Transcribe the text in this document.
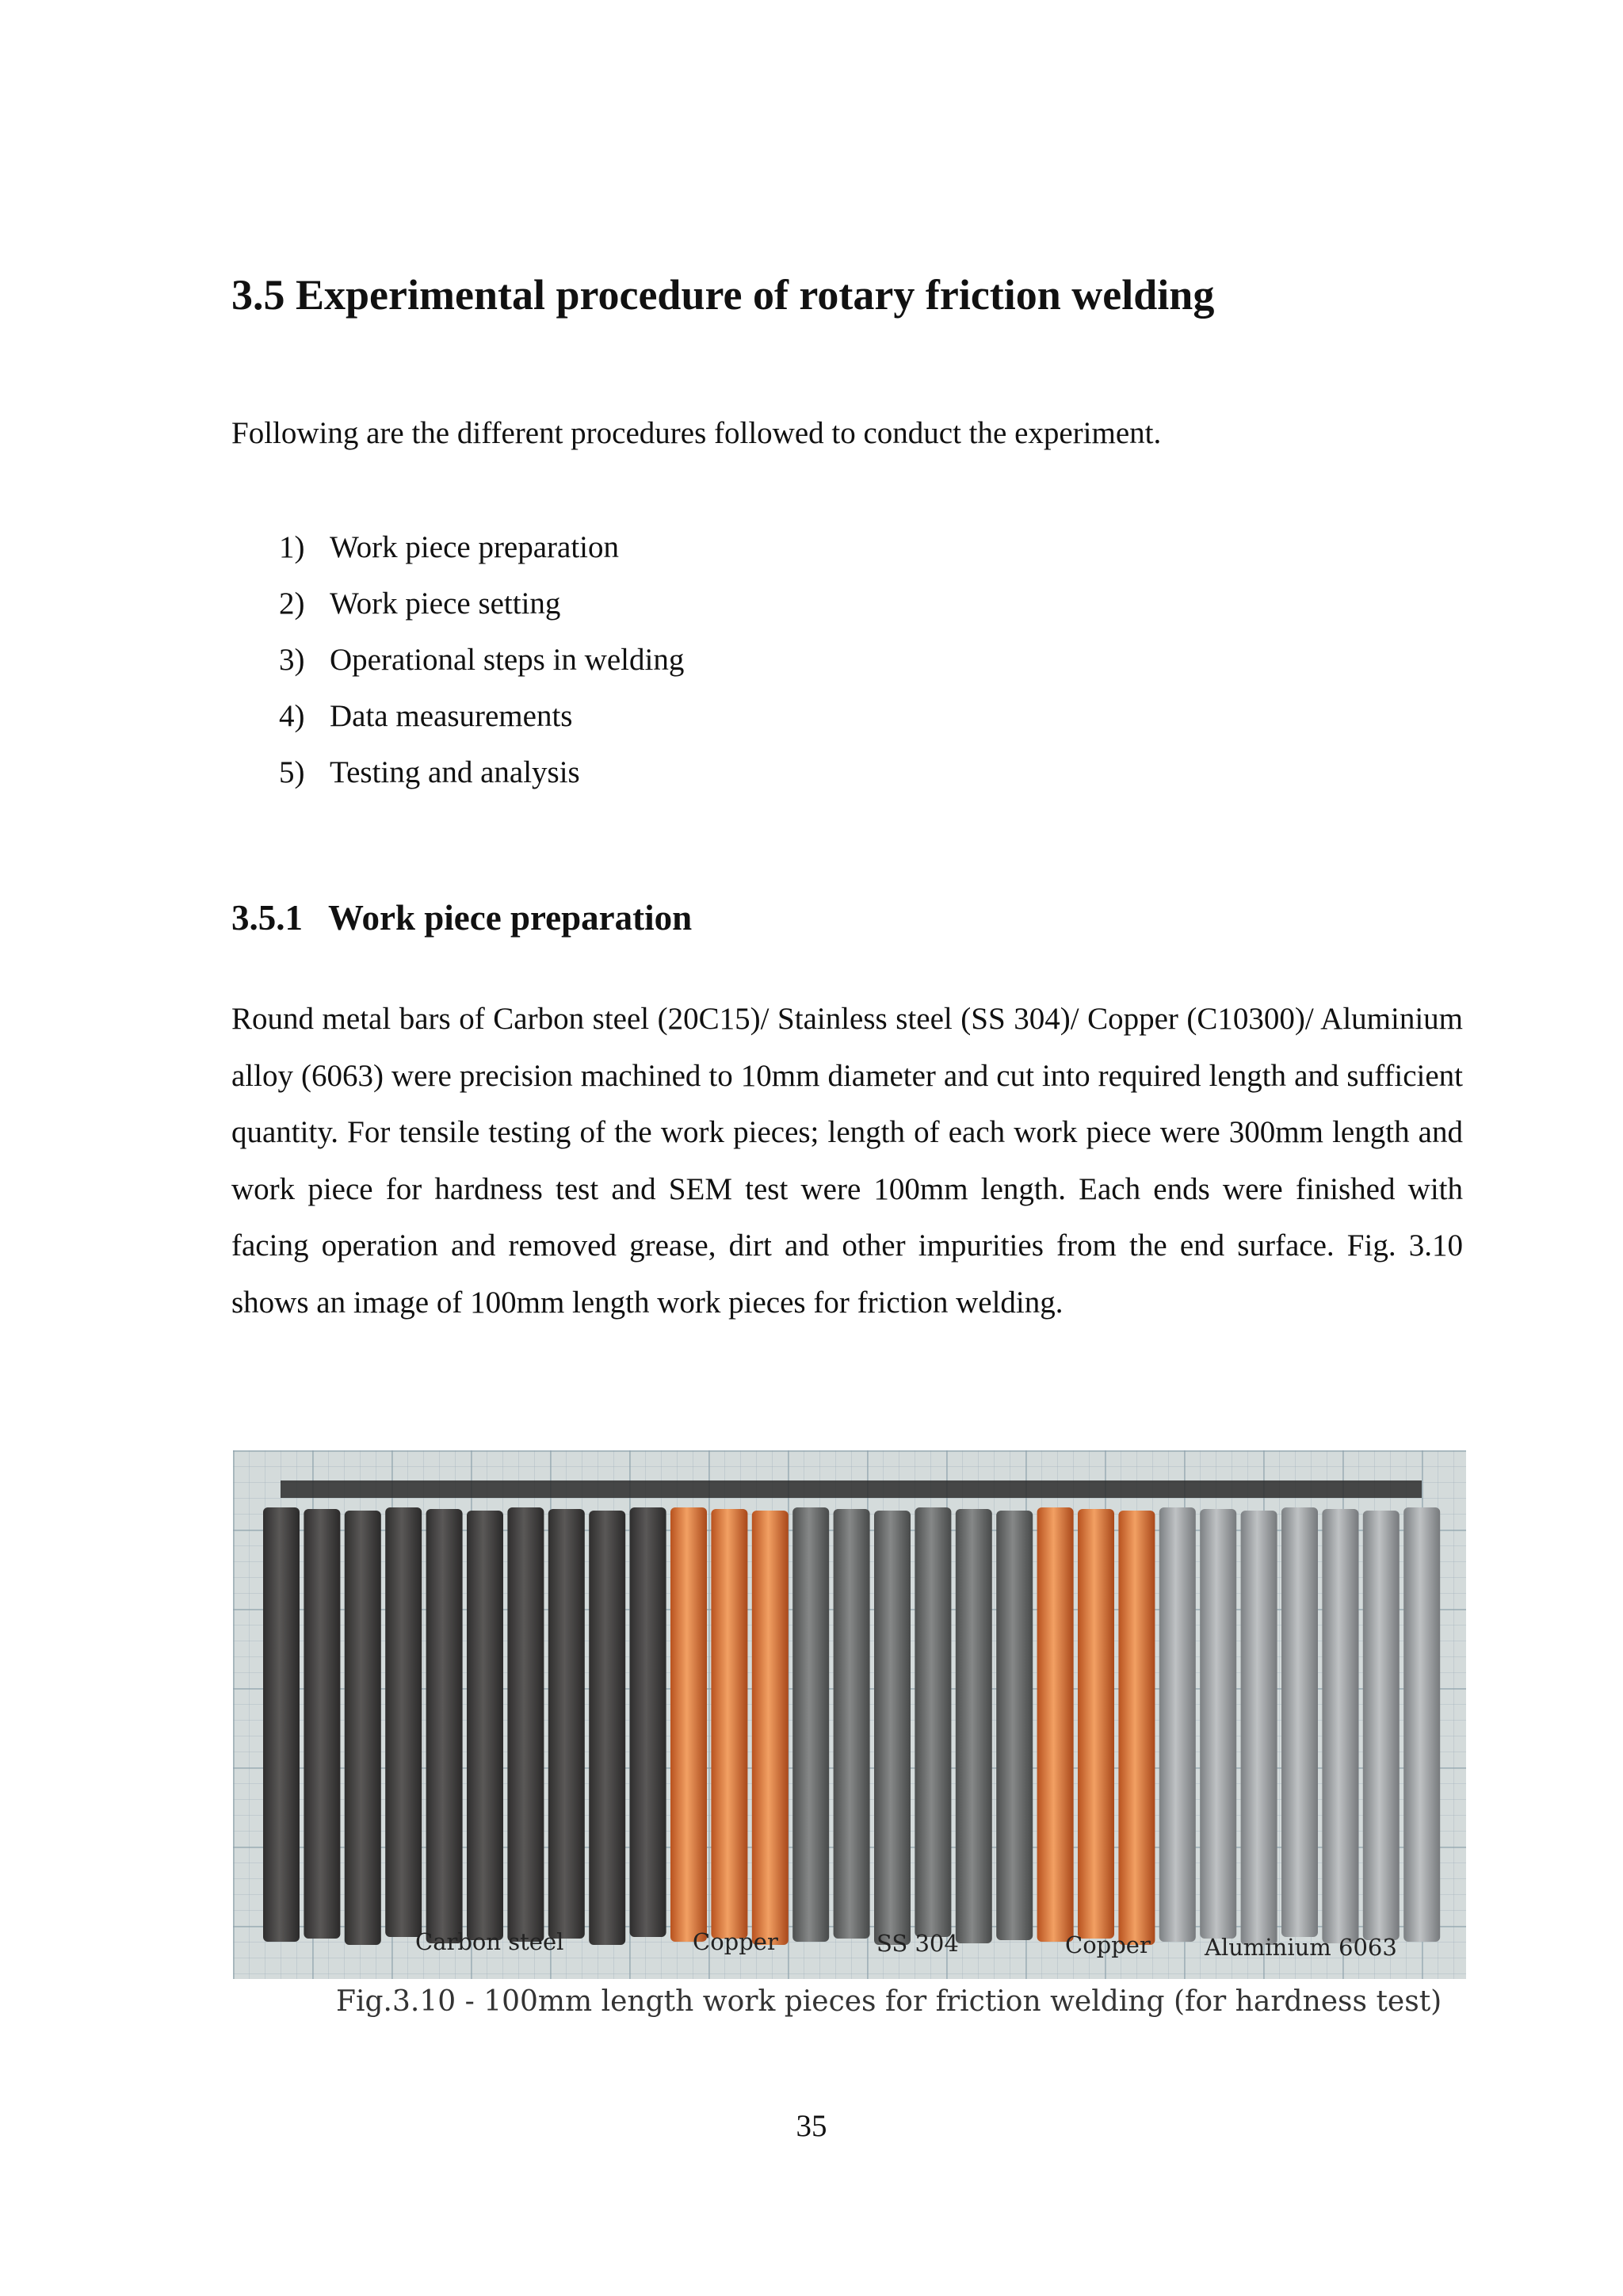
3.5 Experimental procedure of rotary friction welding

Following are the different procedures followed to conduct the experiment.

1) Work piece preparation
2) Work piece setting
3) Operational steps in welding
4) Data measurements
5) Testing and analysis
3.5.1 Work piece preparation

Round metal bars of Carbon steel (20C15)/ Stainless steel (SS 304)/ Copper (C10300)/ Aluminium alloy (6063) were precision machined to 10mm diameter and cut into required length and sufficient quantity. For tensile testing of the work pieces; length of each work piece were 300mm length and work piece for hardness test and SEM test were 100mm length. Each ends were finished with facing operation and removed grease, dirt and other impurities from the end surface. Fig. 3.10 shows an image of 100mm length work pieces for friction welding.

Carbon steel	Copper	SS 304	Copper Aluminium 6063

Fig.3.10 - 100mm length work pieces for friction welding (for hardness test)

35
